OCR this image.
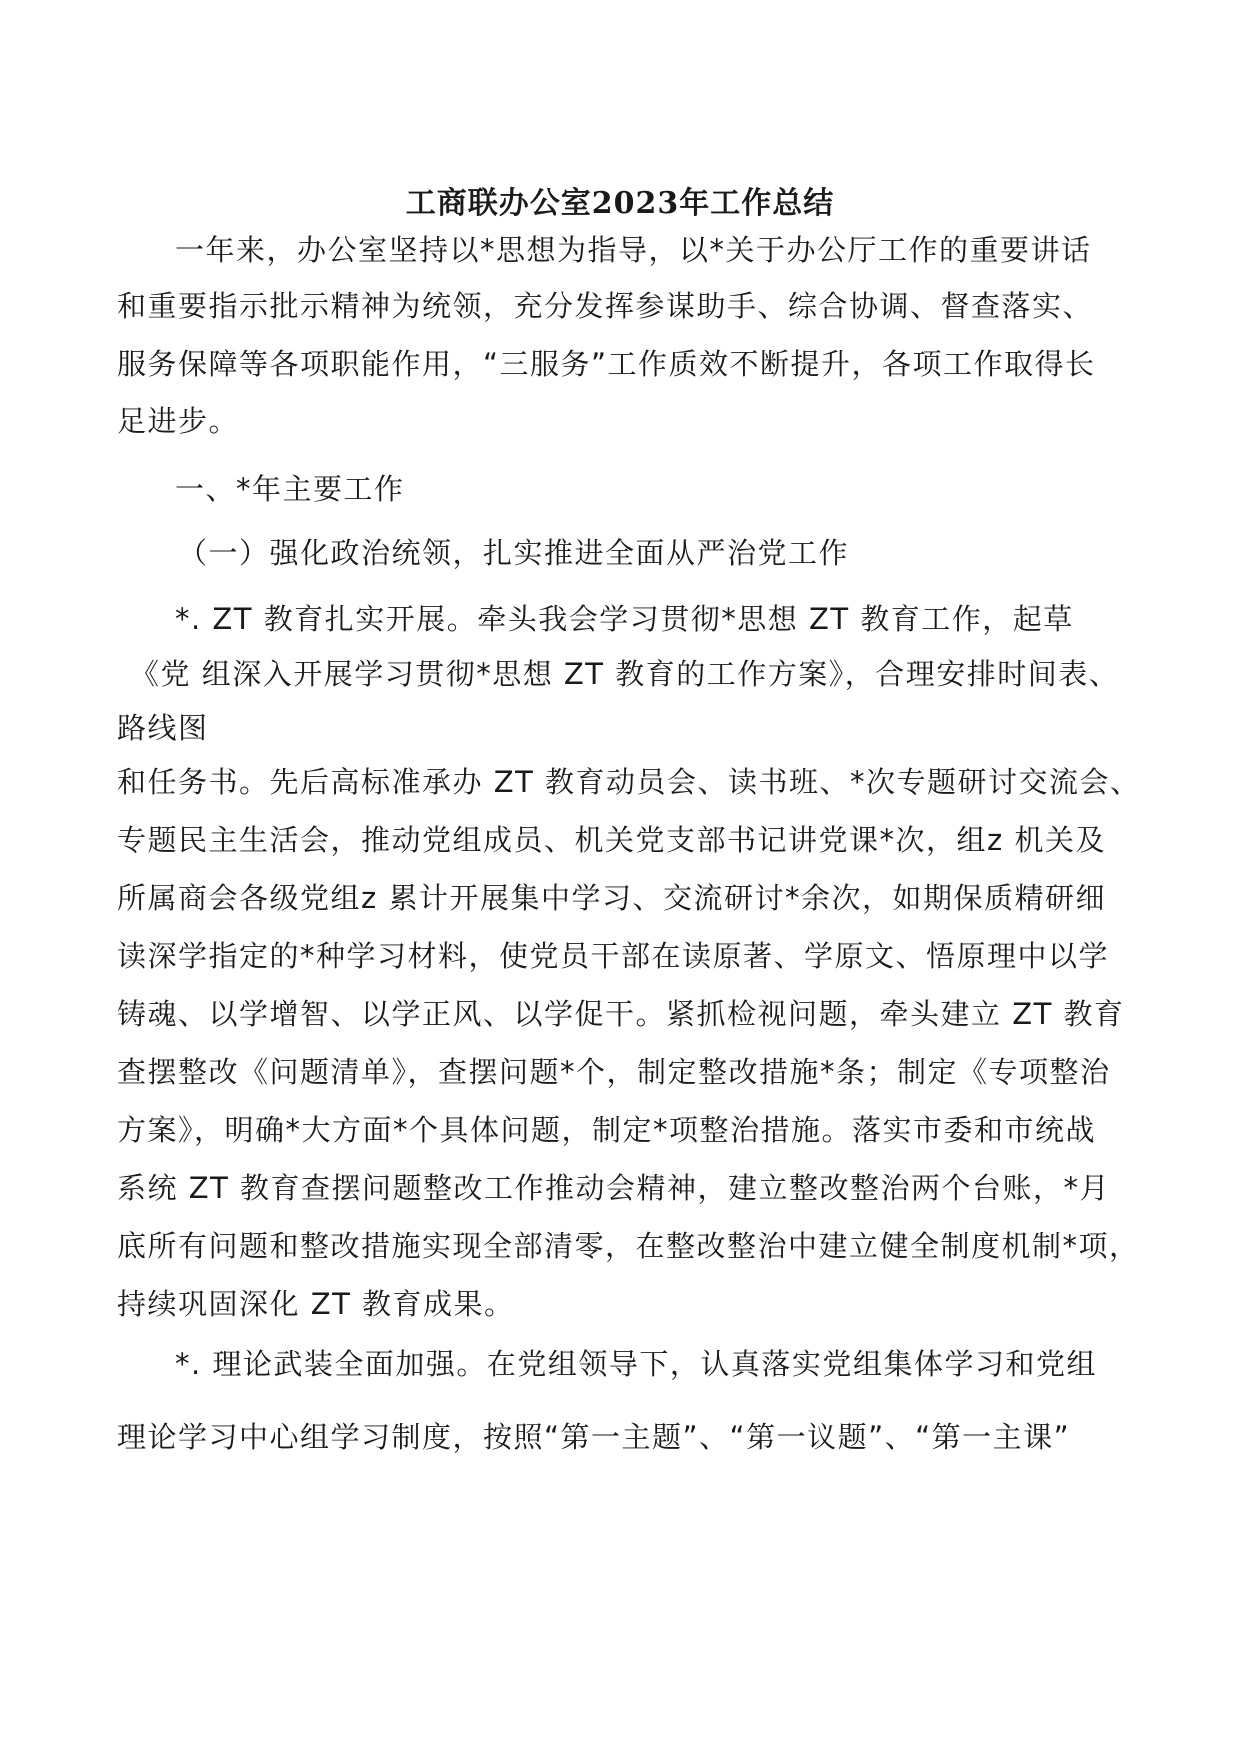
工商联办公室2023年工作总结

一年来，办公室坚持以*思想为指导，以*关于办公厅工作的重要讲话

和重要指示批示精神为统领，充分发挥参谋助手、综合协调、督查落实、

服务保障等各项职能作用，“三服务”工作质效不断提升，各项工作取得长

足进步。

一、*年主要工作

（一）强化政治统领，扎实推进全面从严治党工作

*. ZT 教育扎实开展。牵头我会学习贯彻*思想 ZT 教育工作，起草

《党 组深入开展学习贯彻*思想 ZT 教育的工作方案》，合理安排时间表、

路线图

和任务书。先后高标准承办 ZT 教育动员会、读书班、*次专题研讨交流会、

专题民主生活会，推动党组成员、机关党支部书记讲党课*次，组z 机关及

所属商会各级党组z 累计开展集中学习、交流研讨*余次，如期保质精研细

读深学指定的*种学习材料，使党员干部在读原著、学原文、悟原理中以学

铸魂、以学增智、以学正风、以学促干。紧抓检视问题，牵头建立 ZT 教育

查摆整改《问题清单》，查摆问题*个，制定整改措施*条；制定《专项整治

方案》，明确*大方面*个具体问题，制定*项整治措施。落实市委和市统战

系统 ZT 教育查摆问题整改工作推动会精神，建立整改整治两个台账，*月

底所有问题和整改措施实现全部清零，在整改整治中建立健全制度机制*项，

持续巩固深化 ZT 教育成果。

*. 理论武装全面加强。在党组领导下，认真落实党组集体学习和党组

理论学习中心组学习制度，按照“第一主题”、“第一议题”、“第一主课”
